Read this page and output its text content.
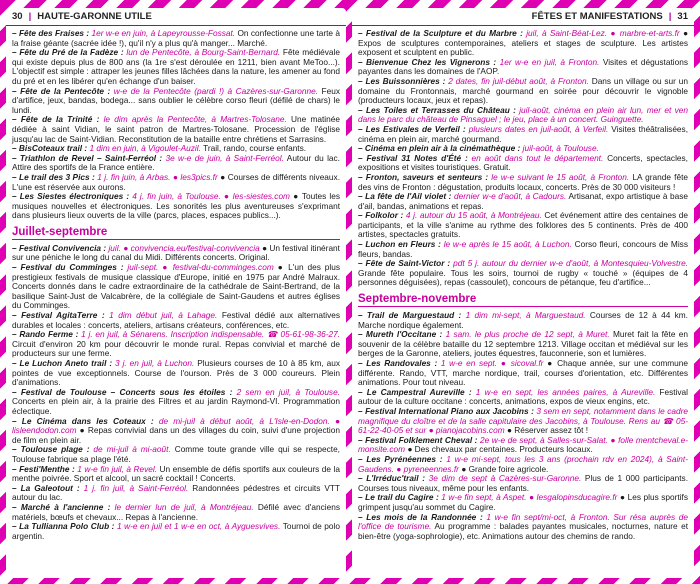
30 | HAUTE-GARONNE UTILE

– Fête des Fraises : 1er w-e en juin, à Lapeyrousse-Fossat. On confectionne une tarte à la fraise géante (sacrée idée !), qu'il n'y a plus qu'à manger... Marché.

– Fête du Pré de la Fadèze : lun de Pentecôte, à Bourg-Saint-Bernard. Fête médiévale qui existe depuis plus de 800 ans (la 1re s'est déroulée en 1211, bien avant MeToo...). L'objectif est simple : attraper les jeunes filles lâchées dans la nature, les amener au fond du pré et en les libérer qu'en échange d'un baiser.

– Fête de la Pentecôte : w-e de la Pentecôte (pardi !) à Cazères-sur-Garonne. Feux d'artifice, jeux, bandas, bodega... sans oublier le célèbre corso fleuri (défilé de chars) le lundi.

– Fête de la Trinité : le dim après la Pentecôte, à Martres-Tolosane. Une matinée dédiée à saint Vidian, le saint patron de Martres-Tolosane. Procession de l'église jusqu'au lac de Saint-Vidian. Reconstitution de la bataille entre chrétiens et Sarrasins.

– BisCoteaux trail : 1 dim en juin, à Vigoulet-Auzil. Trail, rando, course enfants.

– Triathlon de Revel – Saint-Ferréol : 3e w-e de juin, à Saint-Ferréol. Autour du lac. Attire des sportifs de la France entière.

– Le trail des 3 Pics : 1 j. fin juin, à Arbas. ● les3pics.fr ● Courses de différents niveaux. L'une est réservée aux ourons.

– Les Siestes électroniques : 4 j. fin juin, à Toulouse. ● les-siestes.com ● Toutes les musiques nouvelles et électroniques. Les sonorités les plus aventureuses s'exprimant dans plusieurs lieux ouverts de la ville (parcs, places, espaces publics...).

Juillet-septembre

– Festival Convivencia : juil. ● convivencia.eu/festival-convivencia ● Un festival itinérant sur une péniche le long du canal du Midi. Différents concerts. Original.

– Festival du Comminges : juil-sept. ● festival-du-comminges.com ● L'un des plus prestigieux festivals de musique classique d'Europe, initié en 1975 par André Malraux. Concerts donnés dans le cadre extraordinaire de la cathédrale de Saint-Bertrand, de la basilique Saint-Just de Valcabrère, de la collégiale de Saint-Gaudens et autres églises du Comminges.

– Festival AgitaTerre : 1 dim début juil, à Lahage. Festival dédié aux alternatives durables et locales : concerts, ateliers, artisans créateurs, conférences, etc.

– Rando Ferme : 1 j. en juil, à Sénarens. Inscription indispensable. ☎ 05-61-98-36-27. Circuit d'environ 20 km pour découvrir le monde rural. Repas convivial et marché de producteurs sur une ferme.

– Le Luchon Aneto trail : 3 j. en juil, à Luchon. Plusieurs courses de 10 à 85 km, aux pointes de vue exceptionnels. Course de l'ourson. Près de 3 000 coureurs. Plein d'animations.

– Festival de Toulouse – Concerts sous les étoiles : 2 sem en juil, à Toulouse. Concerts en plein air, à la prairie des Filtres et au jardin Raymond-VI. Programmation éclectique.

– Le Cinéma dans les Coteaux : de mi-juil à début août, à L'Isle-en-Dodon. ● lisleendodon.com ● Repas convivial dans un des villages du coin, suivi d'une projection de film en plein air.

– Toulouse plage : de mi-juil à mi-août. Comme toute grande ville qui se respecte, Toulouse fabrique sa plage l'été.

– Festi'Menthe : 1 w-e fin juil, à Revel. Un ensemble de défis sportifs aux couleurs de la menthe poivrée. Sport et alcool, un sacré cocktail ! Concerts.

– La Galeotout : 1 j. fin juil, à Saint-Ferréol. Randonnées pédestres et circuits VTT autour du lac.

– Marché à l'ancienne : le dernier lun de juil, à Montréjeau. Défilé avec d'anciens matériels, bœufs et chevaux... Repas à l'ancienne.

– La Tullianna Polo Club : 1 w-e en juil et 1 w-e en oct, à Ayguesvives. Tournoi de polo argentin.

FÊTES ET MANIFESTATIONS | 31

– Festival de la Sculpture et du Marbre : juil, à Saint-Béat-Lez. ● marbre-et-arts.fr ● Expos de sculptures contemporaines, ateliers et stages de sculpture. Les artistes exposent et sculptent en public.

– Bienvenue Chez les Vignerons : 1er w-e en juil, à Fronton. Visites et dégustations payantes dans les domaines de l'AOP.

– Les Buissonnières : 2 dates, fin juil-début août, à Fronton. Dans un village ou sur un domaine du Frontonnais, marché gourmand en soirée pour découvrir le vignoble (producteurs locaux, jeux et repas).

– Les Toiles et Terrasses du Château : juil-août, cinéma en plein air lun, mer et ven dans le parc du château de Pinsaguel ; le jeu, place à un concert. Guinguette.

– Les Estivales de Verfeil : plusieurs dates en juil-août, à Verfeil. Visites théâtralisées, cinéma en plein air, marché gourmand.

– Cinéma en plein air à la cinémathèque : juil-août, à Toulouse.

– Festival 31 Notes d'Été : en août dans tout le département. Concerts, spectacles, expositions et visites touristiques. Gratuit.

– Fronton, saveurs et senteurs : le w-e suivant le 15 août, à Fronton. LA grande fête des vins de Fronton : dégustation, produits locaux, concerts. Près de 30 000 visiteurs !

– La fête de l'Ail violet : dernier w-e d'août, à Cadours. Artisanat, expo artistique à base d'ail, bandas, animations et repas.

– Folkolor : 4 j. autour du 15 août, à Montréjeau. Cet événement attire des centaines de participants, et la ville s'anime au rythme des folklores des 5 continents. Près de 400 artistes, spectacles gratuits.

– Luchon en Fleurs : le w-e après le 15 août, à Luchon. Corso fleuri, concours de Miss fleurs, bandas.

– Fête de Saint-Victor : pdt 5 j. autour du dernier w-e d'août, à Montesquieu-Volvestre. Grande fête populaire. Tous les soirs, tournoi de rugby « touché » (équipes de 4 personnes déguisées), repas (cassoulet), concours de pétanque, feu d'artifice...

Septembre-novembre

– Trail de Marguestaud : 1 dim mi-sept, à Marguestaud. Courses de 12 à 44 km. Marche nordique également.

– Mureth l'Occitane : 1 sam. le plus proche de 12 sept, à Muret. Muret fait la fête en souvenir de la célèbre bataille du 12 septembre 1213. Village occitan et médiéval sur les berges de la Garonne, ateliers, joutes équestres, fauconnerie, son et lumières.

– Les Randovales : 1 w-e en sept. ● sicoval.fr ● Chaque année, sur une commune différente. Rando, VTT, marche nordique, trail, courses d'orientation, etc. Différentes animations. Pour tout niveau.

– Le Campestral Aureville : 1 w-e en sept, les années paires, à Aureville. Festival autour de la culture occitane : concerts, animations, expos de vieux engins, etc.

– Festival International Piano aux Jacobins : 3 sem en sept, notamment dans le cadre magnifique du cloître et de la salle capitulaire des Jacobins, à Toulouse. Rens au ☎ 05-61-22-40-05 et sur ● pianojacobins.com ● Réserver assez tôt !

– Festival Folklement Cheval : 2e w-e de sept, à Salles-sur-Salat. ● folle mentcheval.e-monsite.com ● Des chevaux par centaines. Producteurs locaux.

– Les Pyrénéennes : 1 w-e mi-sept, tous les 3 ans (prochain rdv en 2024), à Saint-Gaudens. ● pyreneennes.fr ● Grande foire agricole.

– L'Irréduc'trail : 3e dim de sept à Cazères-sur-Garonne. Plus de 1 000 participants. Courses tous niveaux, même pour les enfants.

– Le trail du Cagire : 1 w-e fin sept, à Aspet. ● lesgalopinsducagire.fr ● Les plus sportifs grimpent jusqu'au sommet du Cagire.

– Les mois de la Randonnée : 1 w-e fin sept/mi-oct, à Fronton. Sur résa auprès de l'office de tourisme. Au programme : balades payantes musicales, nocturnes, nature et bien-être (yoga-sophrologie), etc. Animations autour des chemins de rando.
